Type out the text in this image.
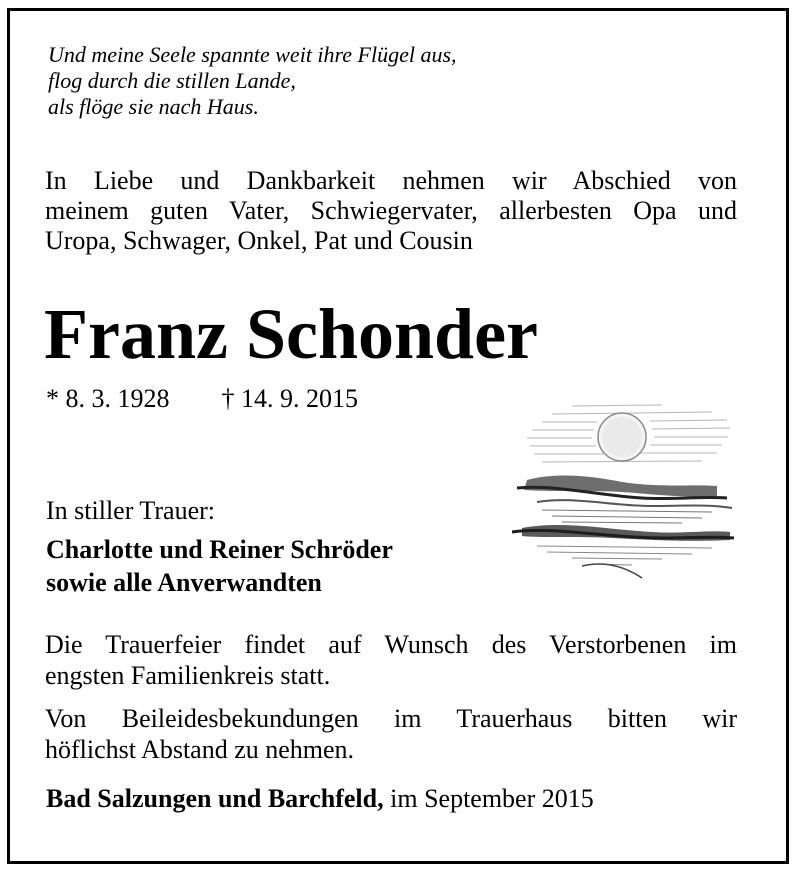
Und meine Seele spannte weit ihre Flügel aus,
flog durch die stillen Lande,
als flöge sie nach Haus.
In Liebe und Dankbarkeit nehmen wir Abschied von
meinem guten Vater, Schwiegervater, allerbesten Opa und
Uropa, Schwager, Onkel, Pat und Cousin
Franz Schonder
* 8. 3. 1928 † 14. 9. 2015
In stiller Trauer:
Charlotte und Reiner Schröder
sowie alle Anverwandten
Die Trauerfeier findet auf Wunsch des Verstorbenen im
engsten Familienkreis statt.
Von Beileidesbekundungen im Trauerhaus bitten wir
höflichst Abstand zu nehmen.
Bad Salzungen und Barchfeld, im September 2015
